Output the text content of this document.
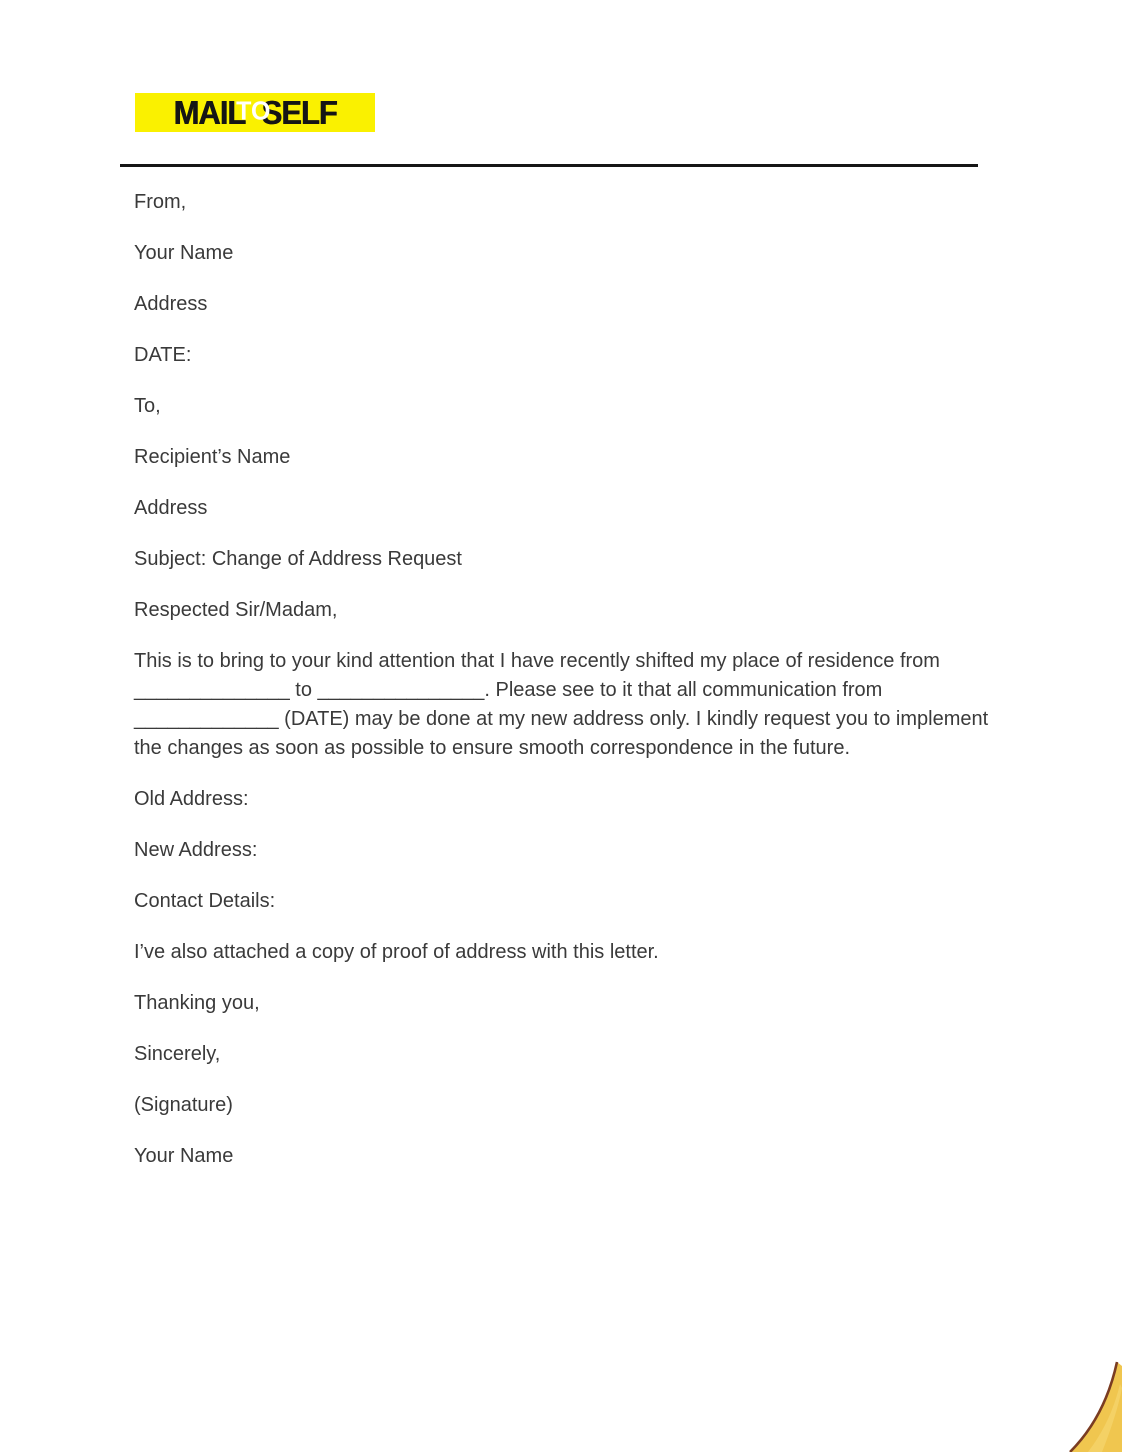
MAIL
TO
SELF

From,

Your Name

Address

DATE:

To,

Recipient’s Name

Address

Subject: Change of Address Request

Respected Sir/Madam,

This is to bring to your kind attention that I have recently shifted my place of residence from ______________ to _______________. Please see to it that all communication from _____________ (DATE) may be done at my new address only. I kindly request you to implement the changes as soon as possible to ensure smooth correspondence in the future.

Old Address:

New Address:

Contact Details:

I’ve also attached a copy of proof of address with this letter.

Thanking you,

Sincerely,

(Signature)

Your Name
